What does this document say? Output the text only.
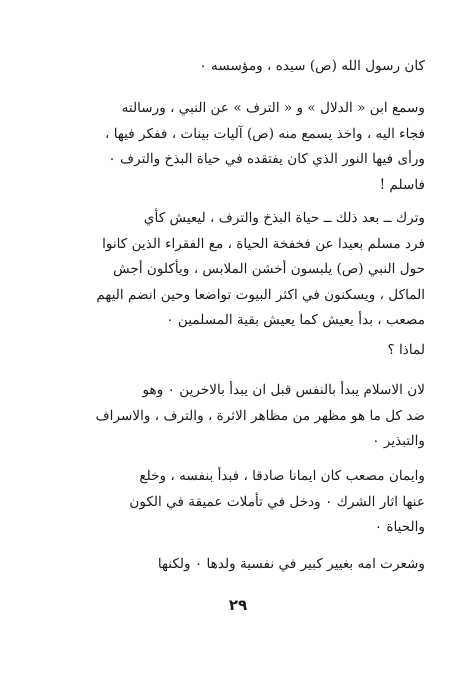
كان رسول الله (ص) سيده ، ومؤسسه ٠
وسمع ابن « الدلال » و « الترف » عن النبي ، ورسالته
فجاء اليه ، واخذ يسمع منه (ص) آليات بينات ، ففكر فيها ،
ورأى فيها النور الذي كان يفتقده في حياة البذخ والترف ٠
فاسلم !
وترك ــ بعد ذلك ــ حياة البذخ والترف ، ليعيش كأي
فرد مسلم بعيدا عن فخفخة الحياة ، مع الفقراء الذين كانوا
حول النبي (ص) يلبسون أخشن الملابس ، ويأكلون أجش
الماكل ، ويسكنون في اكثر البيوت تواضعا وحين انضم اليهم
مصعب ، بدأ يعيش كما يعيش بقية المسلمين ٠
لماذا ؟
لان الاسلام يبدأ بالنفس قبل ان يبدأ بالاخرين ٠ وهو
ضد كل ما هو مظهر من مظاهر الاثرة ، والترف ، والاسراف
والتبذير ٠
وايمان مصعب كان ايمانا صادقا ، فبدأ بنفسه ، وخلع
عنها اثار الشرك ٠ ودخل في تأملات عميقة في الكون
والحياة ٠
وشعرت امه بغيير كبير في نفسية ولدها ٠ ولكنها
٢٩
